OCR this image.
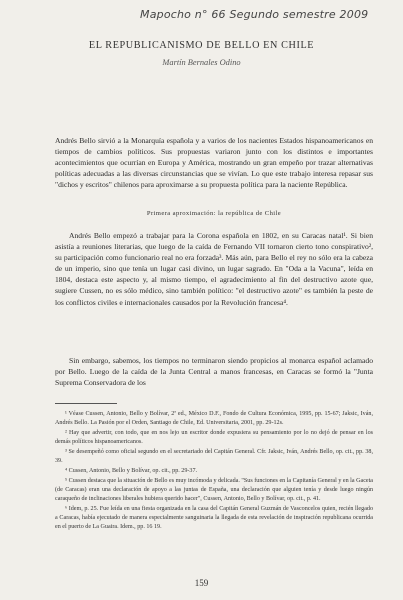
Mapocho n° 66 Segundo semestre 2009
EL REPUBLICANISMO DE BELLO EN CHILE
Martín Bernales Odino

Andrés Bello sirvió a la Monarquía española y a varios de los nacientes Estados hispanoamericanos en tiempos de cambios políticos. Sus propuestas variaron junto con los distintos e importantes acontecimientos que ocurrían en Europa y América, mostrando un gran empeño por trazar alternativas políticas adecuadas a las diversas circunstancias que se vivían. Lo que este trabajo interesa repasar sus "dichos y escritos" chilenos para aproximarse a su propuesta política para la naciente República.

Primera aproximación: la república de Chile

Andrés Bello empezó a trabajar para la Corona española en 1802, en su Caracas natal¹. Si bien asistía a reuniones literarias, que luego de la caída de Fernando VII tornaron cierto tono conspirativo², su participación como funcionario real no era forzada³. Más aún, para Bello el rey no sólo era la cabeza de un imperio, sino que tenía un lugar casi divino, un lugar sagrado. En "Oda a la Vacuna", leída en 1804, destaca este aspecto y, al mismo tiempo, el agradecimiento al fin del destructivo azote que, sugiere Cussen, no es sólo médico, sino también político: "el destructivo azote" es también la peste de los conflictos civiles e internacionales causados por la Revolución francesa⁴.

Sin embargo, sabemos, los tiempos no terminaron siendo propicios al monarca español aclamado por Bello. Luego de la caída de la Junta Central a manos francesas, en Caracas se formó la "Junta Suprema Conservadora de los

¹ Véase Cussen, Antonio, Bello y Bolívar, 2ª ed., México D.F., Fondo de Cultura Económica, 1995, pp. 15-67; Jaksic, Iván, Andrés Bello. La Pasión por el Orden, Santiago de Chile, Ed. Universitaria, 2001, pp. 29-12s.

² Hay que advertir, con todo, que en nos lejo un escritor donde expusiera su pensamiento por lo no dejó de pensar en los demás políticos hispanoamericanos.

³ Se desempeñó como oficial segundo en el secretariado del Capitán General. Cfr. Jaksic, Iván, Andrés Bello, op. cit., pp. 38, 39.

⁴ Cussen, Antonio, Bello y Bolívar, op. cit., pp. 29-37.

⁵ Cussen destaca que la situación de Bello es muy incómoda y delicada. "Sus funciones en la Capitanía General y en la Gaceta (de Caracas) eran una declaración de apoyo a las juntas de España, una declaración que alguien tenía y desde luego ningún caraqueño de inclinaciones liberales hubiera querido hacer", Cussen, Antonio, Bello y Bolívar, op. cit., p. 41.

⁶ Idem, p. 25. Fue leída en una fiesta organizada en la casa del Capitán General Guzmán de Vasconcelos quien, recién llegado a Caracas, había ejecutado de manera especialmente sanguinaria la llegada de esta revelación de inspiración republicana ocurrida en el puerto de La Guaira. Idem., pp. 16 19.

159
